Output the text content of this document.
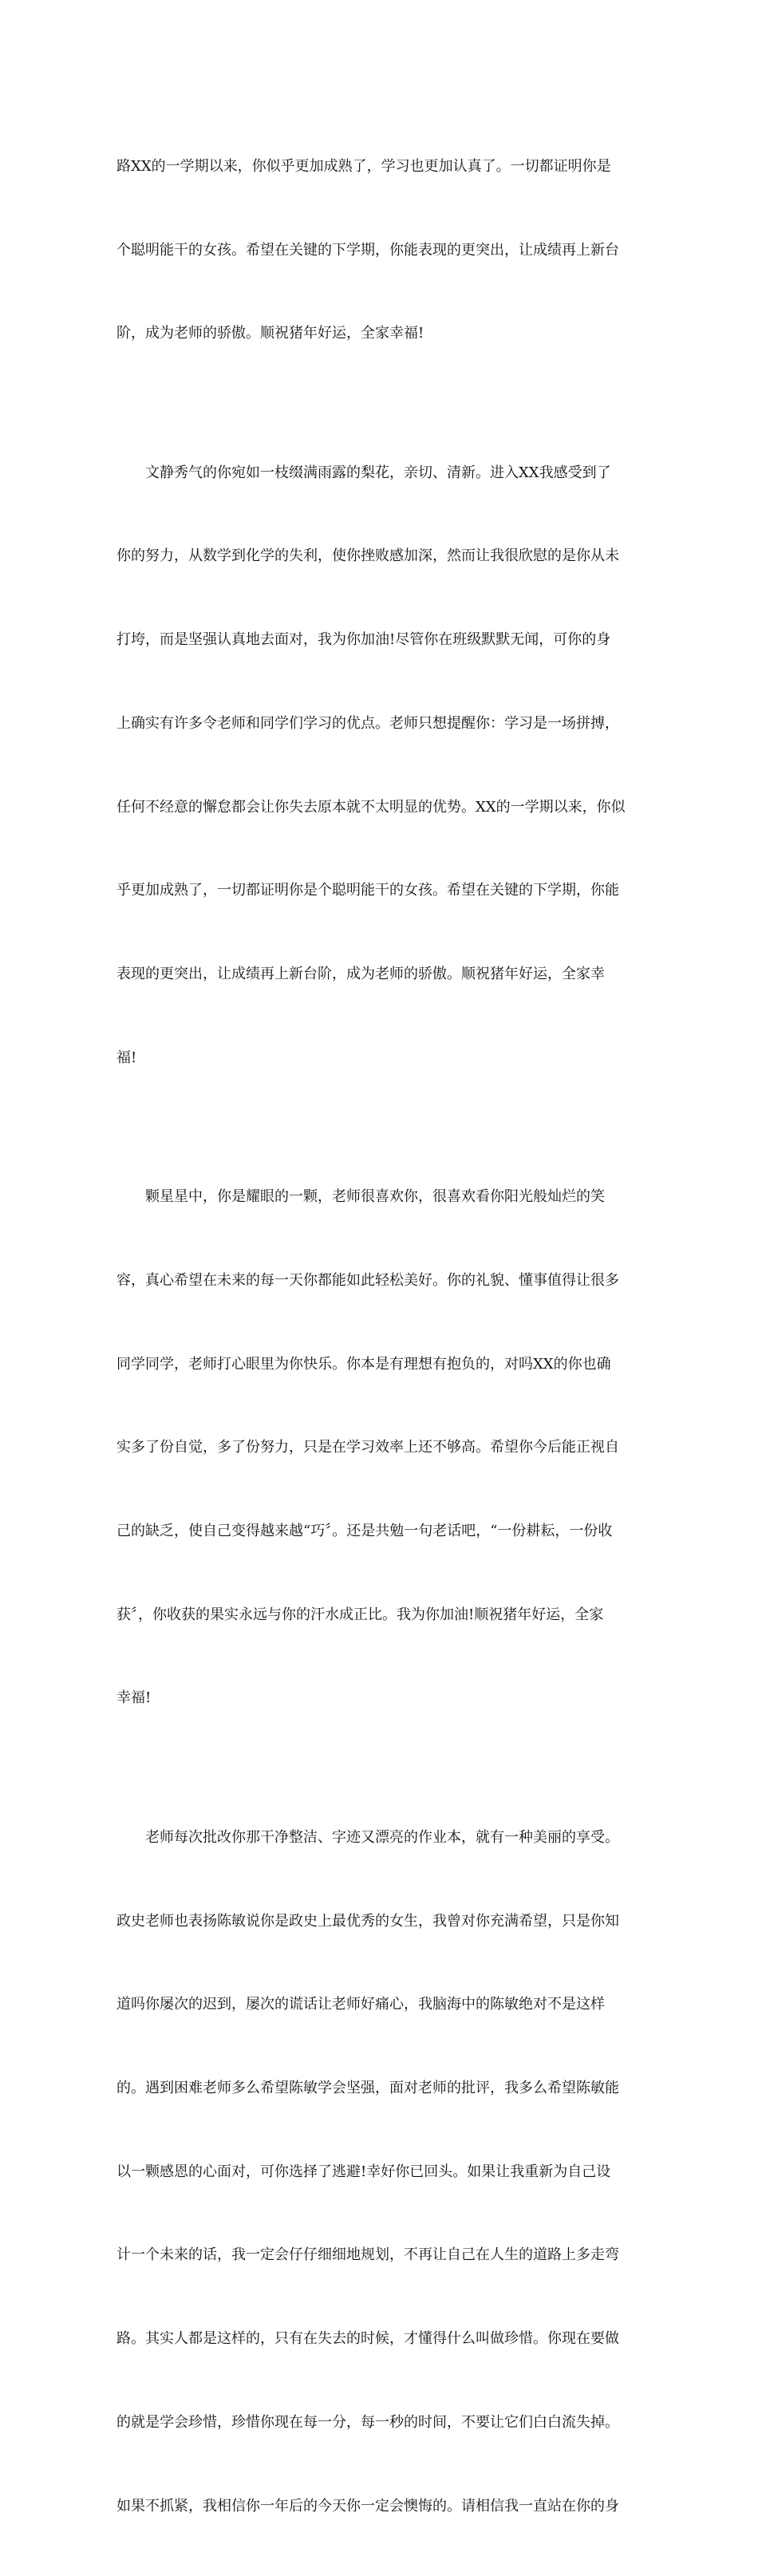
路XX的一学期以来，你似乎更加成熟了，学习也更加认真了。一切都证明你是

个聪明能干的女孩。希望在关键的下学期，你能表现的更突出，让成绩再上新台

阶，成为老师的骄傲。顺祝猪年好运，全家幸福!

　　文静秀气的你宛如一枝缀满雨露的梨花，亲切、清新。进入XX我感受到了

你的努力，从数学到化学的失利，使你挫败感加深，然而让我很欣慰的是你从未

打垮，而是坚强认真地去面对，我为你加油!尽管你在班级默默无闻，可你的身

上确实有许多令老师和同学们学习的优点。老师只想提醒你：学习是一场拼搏，

任何不经意的懈怠都会让你失去原本就不太明显的优势。XX的一学期以来，你似

乎更加成熟了，一切都证明你是个聪明能干的女孩。希望在关键的下学期，你能

表现的更突出，让成绩再上新台阶，成为老师的骄傲。顺祝猪年好运，全家幸

福!

　　颗星星中，你是耀眼的一颗，老师很喜欢你，很喜欢看你阳光般灿烂的笑

容，真心希望在未来的每一天你都能如此轻松美好。你的礼貌、懂事值得让很多

同学同学，老师打心眼里为你快乐。你本是有理想有抱负的，对吗XX的你也确

实多了份自觉，多了份努力，只是在学习效率上还不够高。希望你今后能正视自

己的缺乏，使自己变得越来越“巧〞。还是共勉一句老话吧，“一份耕耘，一份收

获〞，你收获的果实永远与你的汗水成正比。我为你加油!顺祝猪年好运，全家

幸福!

　　老师每次批改你那干净整洁、字迹又漂亮的作业本，就有一种美丽的享受。

政史老师也表扬陈敏说你是政史上最优秀的女生，我曾对你充满希望，只是你知

道吗你屡次的迟到，屡次的谎话让老师好痛心，我脑海中的陈敏绝对不是这样

的。遇到困难老师多么希望陈敏学会坚强，面对老师的批评，我多么希望陈敏能

以一颗感恩的心面对，可你选择了逃避!幸好你已回头。如果让我重新为自己设

计一个未来的话，我一定会仔仔细细地规划，不再让自己在人生的道路上多走弯

路。其实人都是这样的，只有在失去的时候，才懂得什么叫做珍惜。你现在要做

的就是学会珍惜，珍惜你现在每一分，每一秒的时间，不要让它们白白流失掉。

如果不抓紧，我相信你一年后的今天你一定会懊悔的。请相信我一直站在你的身
